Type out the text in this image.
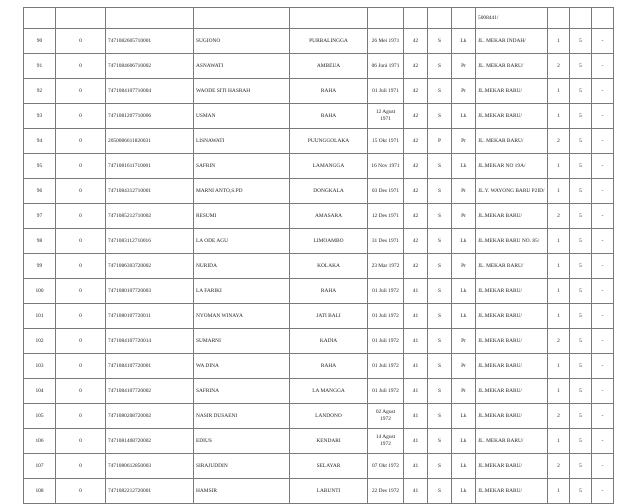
									5008441/			
90	0	7471082605710001	SUGIONO	PURBALINGGA	26 Mei 1971	42	S	Lk	JL. MEKAR INDAH/	1	5	-
91	0	7471084606710002	ASNAWATI	AMBEUA	06 Juni 1971	42	S	Pr	JL. MEKAR BARU/	2	5	-
92	0	7471084107710004	WAODE SITI HASRAH	RAHA	01 Juli 1971	42	S	Pr	JL.MEKAR BARU/	1	5	-
93	0	7471081207710006	USMAN	RAHA	12 Agust 1971	42	S	Lk	JL.MEKAR BARU/	1	5	-
94	0	2050086611820031	LISNAWATI	PUUNGGOLAKA	15 Okt 1971	42	P	Pr	JL. MEKAR BARU/	2	5	-
95	0	7471081611710001	SAFRIN	LAMANGGA	16 Nov 1971	42	S	Lk	JL.MEKAR NO 19A/	1	5	-
96	0	7471084312710001	MARNI ANTO,S.PD	DONGKALA	03 Des 1971	42	S	Pr	JL.Y. WAYONG BARU P2ID/	1	5	-
97	0	7471085212710002	RESUMI	AMASARA	12 Des 1971	42	S	Pr	JL.MEKAR BARU/	2	5	-
98	0	7471083112710016	LA ODE AGU	LIMOAMBO	31 Des 1971	42	S	Lk	JL.MEKAR BARU NO. 85/	1	5	-
99	0	7471086303720002	NURIDA	KOLAKA	23 Mar 1972	42	S	Pr	JL. MEKAR BARU/	1	5	-
100	0	7471080107720003	LA FARIKI	RAHA	01 Juli 1972	41	S	Lk	JL.MEKAR BARU/	1	5	-
101	0	7471080107720011	NYOMAN WINAYA	JATI BALI	01 Juli 1972	41	S	Lk	JL.MEKAR BARU/	1	5	-
102	0	7471084107720014	SUMARNI	KADIA	01 Juli 1972	41	S	Pr	JL.MEKAR BARU/	2	5	-
103	0	7471084107720001	WA DINA	RAHA	01 Juli 1972	41	S	Pr	JL.MEKAR BARU/	1	5	-
104	0	7471084107720002	SAFRINA	LA MANGGA	01 Juli 1972	41	S	Pr	JL.MEKAR BARU/	1	5	-
105	0	7471080208720002	NASIR DUSAENI	LANDONO	02 Agust 1972	41	S	Lk	JL.MEKAR BARU/	2	5	-
106	0	7471081408720002	EDIUS	KENDARI	14 Agust 1972	41	S	Lk	JL. MEKAR BARU/	1	5	-
107	0	7471080612850003	SIRAJUDDIN	SELAYAR	07 Okt 1972	41	S	Lk	JL.MEKAR BARU/	2	5	-
108	0	7471082212720001	HAMSIR	LABUNTI	22 Des 1972	41	S	Lk	JL.MEKAR BARU/	1	5	-
